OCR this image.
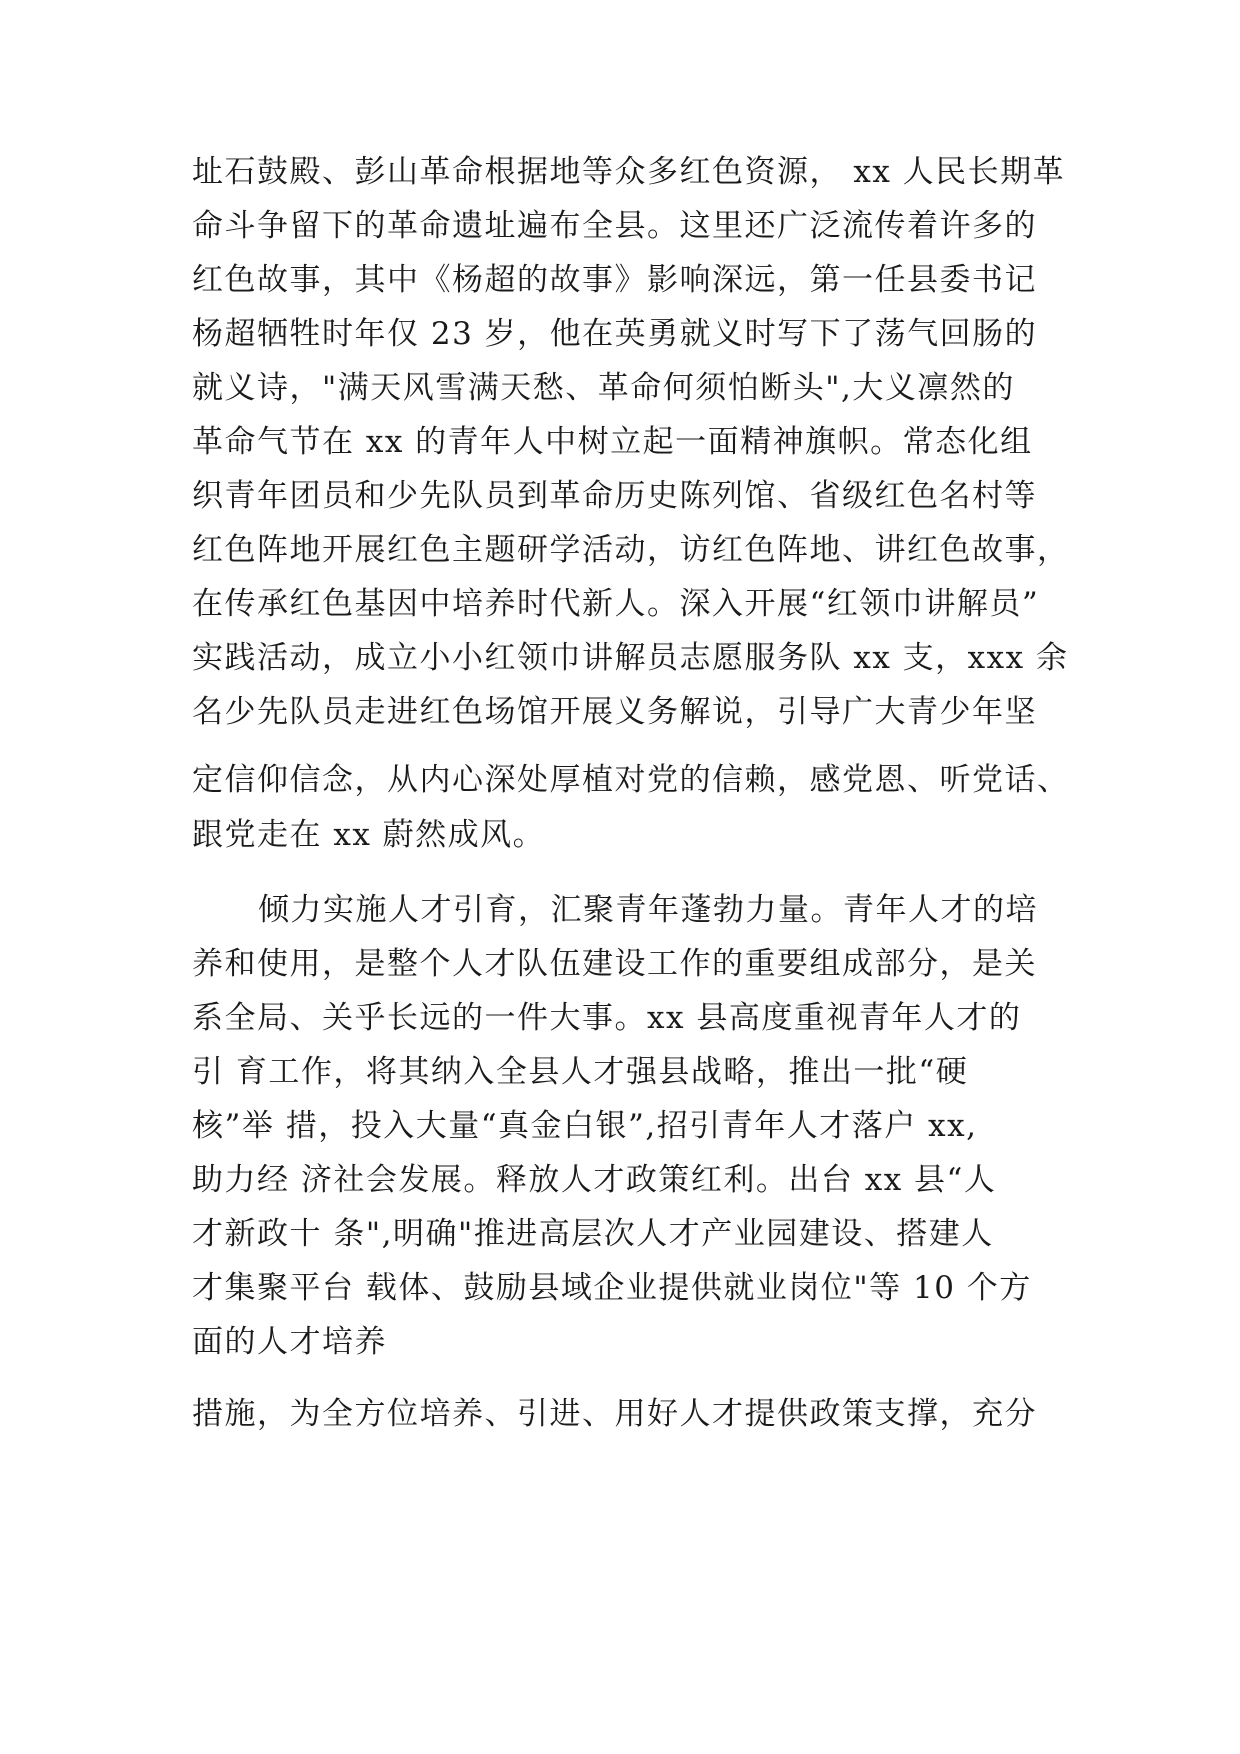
址石鼓殿、彭山革命根据地等众多红色资源， xx 人民长期革
命斗争留下的革命遗址遍布全县。这里还广泛流传着许多的
红色故事，其中《杨超的故事》影响深远，第一任县委书记
杨超牺牲时年仅 23 岁，他在英勇就义时写下了荡气回肠的
就义诗，"满天风雪满天愁、革命何须怕断头",大义凛然的
革命气节在 xx 的青年人中树立起一面精神旗帜。常态化组
织青年团员和少先队员到革命历史陈列馆、省级红色名村等
红色阵地开展红色主题研学活动，访红色阵地、讲红色故事，
在传承红色基因中培养时代新人。深入开展“红领巾讲解员”
实践活动，成立小小红领巾讲解员志愿服务队 xx 支，xxx 余
名少先队员走进红色场馆开展义务解说，引导广大青少年坚
定信仰信念，从内心深处厚植对党的信赖，感党恩、听党话、
跟党走在 xx 蔚然成风。
倾力实施人才引育，汇聚青年蓬勃力量。青年人才的培
养和使用，是整个人才队伍建设工作的重要组成部分，是关
系全局、关乎长远的一件大事。xx 县高度重视青年人才的
引 育工作，将其纳入全县人才强县战略，推出一批“硬
核”举 措，投入大量“真金白银”,招引青年人才落户 xx,
助力经 济社会发展。释放人才政策红利。出台 xx 县“人
才新政十 条",明确"推进高层次人才产业园建设、搭建人
才集聚平台 载体、鼓励县域企业提供就业岗位"等 10 个方
面的人才培养
措施，为全方位培养、引进、用好人才提供政策支撑，充分
